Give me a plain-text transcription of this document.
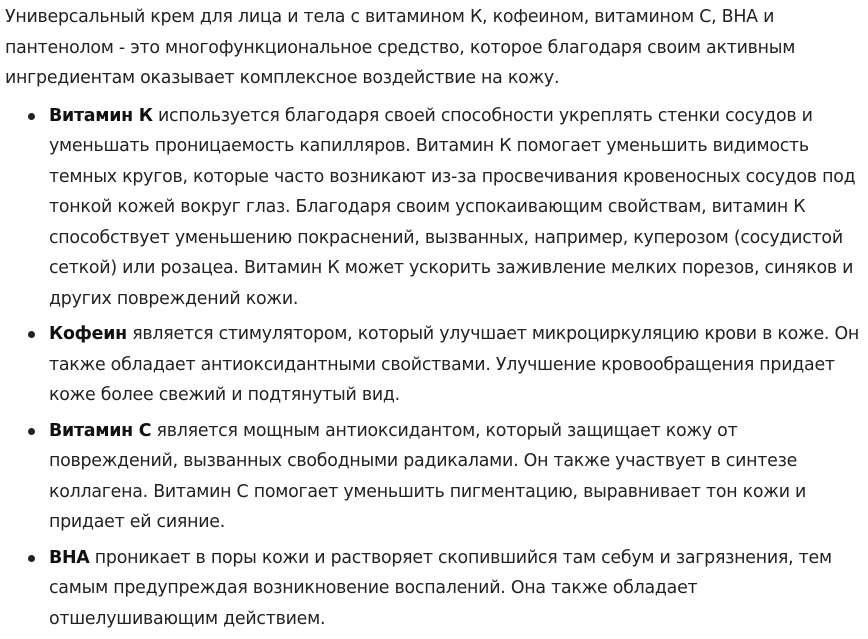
Универсальный крем для лица и тела с витамином К, кофеином, витамином С, BHA и пантенолом - это многофункциональное средство, которое благодаря своим активным ингредиентам оказывает комплексное воздействие на кожу.

Витамин К используется благодаря своей способности укреплять стенки сосудов и уменьшать проницаемость капилляров. Витамин К помогает уменьшить видимость темных кругов, которые часто возникают из-за просвечивания кровеносных сосудов под тонкой кожей вокруг глаз. Благодаря своим успокаивающим свойствам, витамин К способствует уменьшению покраснений, вызванных, например, куперозом (сосудистой сеткой) или розацеа. Витамин К может ускорить заживление мелких порезов, синяков и других повреждений кожи.
Кофеин является стимулятором, который улучшает микроциркуляцию крови в коже. Он также обладает антиоксидантными свойствами. Улучшение кровообращения придает коже более свежий и подтянутый вид.
Витамин С является мощным антиоксидантом, который защищает кожу от повреждений, вызванных свободными радикалами. Он также участвует в синтезе коллагена. Витамин С помогает уменьшить пигментацию, выравнивает тон кожи и придает ей сияние.
BHA проникает в поры кожи и растворяет скопившийся там себум и загрязнения, тем самым предупреждая возникновение воспалений. Она также обладает отшелушивающим действием.
